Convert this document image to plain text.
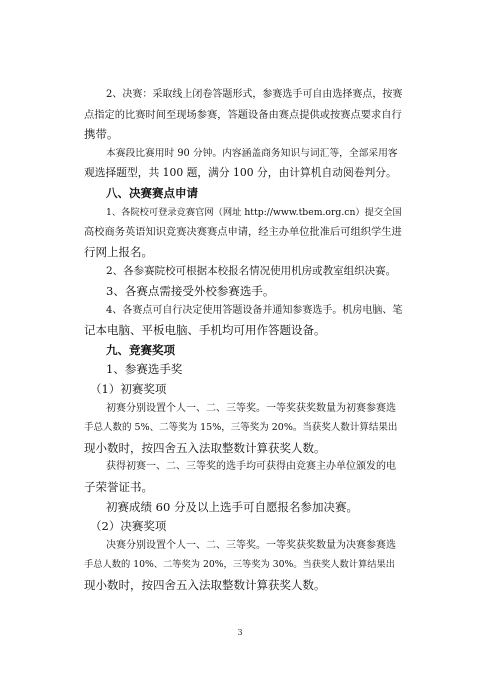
2、决赛：采取线上闭卷答题形式，参赛选手可自由选择赛点，按赛
点指定的比赛时间至现场参赛，答题设备由赛点提供或按赛点要求自行
携带。
本赛段比赛用时 90 分钟。内容涵盖商务知识与词汇等，全部采用客
观选择题型，共 100 题，满分 100 分，由计算机自动阅卷判分。
八、决赛赛点申请
1、各院校可登录竞赛官网（网址 http://www.tbem.org.cn）提交全国
高校商务英语知识竞赛决赛赛点申请，经主办单位批准后可组织学生进
行网上报名。
2、各参赛院校可根据本校报名情况使用机房或教室组织决赛。
3、各赛点需接受外校参赛选手。
4、各赛点可自行决定使用答题设备并通知参赛选手。机房电脑、笔
记本电脑、平板电脑、手机均可用作答题设备。
九、竞赛奖项
1、参赛选手奖
（1）初赛奖项
初赛分别设置个人一、二、三等奖。一等奖获奖数量为初赛参赛选
手总人数的 5%、二等奖为 15%，三等奖为 20%。当获奖人数计算结果出
现小数时，按四舍五入法取整数计算获奖人数。
获得初赛一、二、三等奖的选手均可获得由竞赛主办单位颁发的电
子荣誉证书。
初赛成绩 60 分及以上选手可自愿报名参加决赛。
（2）决赛奖项
决赛分别设置个人一、二、三等奖。一等奖获奖数量为决赛参赛选
手总人数的 10%、二等奖为 20%，三等奖为 30%。当获奖人数计算结果出
现小数时，按四舍五入法取整数计算获奖人数。
3
